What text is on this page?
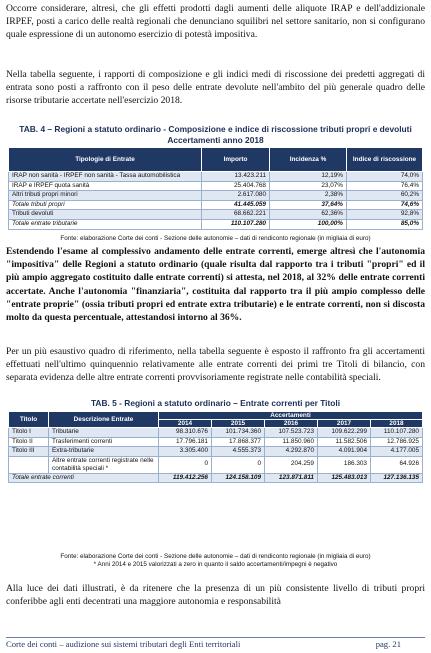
Occorre considerare, altresì, che gli effetti prodotti dagli aumenti delle aliquote IRAP e dell'addizionale IRPEF, posti a carico delle realtà regionali che denunciano squilibri nel settore sanitario, non si configurano quale espressione di un autonomo esercizio di potestà impositiva.

Nella tabella seguente, i rapporti di composizione e gli indici medi di riscossione dei predetti aggregati di entrata sono posti a raffronto con il peso delle entrate devolute nell'ambito del più generale quadro delle risorse tributarie accertate nell'esercizio 2018.

TAB. 4 – Regioni a statuto ordinario - Composizione e indice di riscossione tributi propri e devoluti Accertamenti anno 2018

Tipologie di Entrate	Importo	Incidenza %	Indice di riscossione
IRAP non sanità - IRPEF non sanità - Tassa automobilistica	13.423.211	12,19%	74,0%
IRAP e IRPEF quota sanità	25.404.768	23,07%	76,4%
Altri tributi propri minori	2.617.080	2,38%	60,2%
Totale tributi propri	41.445.059	37,64%	74,6%
Tributi devoluti	68.662.221	62,36%	92,8%
Totale entrate tributarie	110.107.280	100,00%	85,0%

Fonte: elaborazione Corte dei conti - Sezione delle autonomie – dati di rendiconto regionale (in migliaia di euro)

Estendendo l'esame al complessivo andamento delle entrate correnti, emerge altresì che l'autonomia "impositiva" delle Regioni a statuto ordinario (quale risulta dal rapporto tra i tributi "propri" ed il più ampio aggregato costituito dalle entrate correnti) si attesta, nel 2018, al 32% delle entrate correnti accertate. Anche l'autonomia "finanziaria", costituita dal rapporto tra il più ampio complesso delle "entrate proprie" (ossia tributi propri ed entrate extra tributarie) e le entrate correnti, non si discosta molto da questa percentuale, attestandosi intorno al 36%.

Per un più esaustivo quadro di riferimento, nella tabella seguente è esposto il raffronto fra gli accertamenti effettuati nell'ultimo quinquennio relativamente alle entrate correnti dei primi tre Titoli di bilancio, con separata evidenza delle altre entrate correnti provvisoriamente registrate nelle contabilità speciali.

TAB. 5 - Regioni a statuto ordinario – Entrate correnti per Titoli

Titolo	Descrizione Entrate	Accertamenti				
		2014	2015	2016	2017	2018
Titolo I	Tributarie	98.310.676	101.734.360	107.523.723	109.622.299	110.107.280
Titolo II	Trasferimenti correnti	17.796.181	17.868.377	11.850.960	11.582.506	12.786.925
Titolo III	Extra-tributarie	3.305.400	4.555.373	4.292.870	4.091.904	4.177.005
	Altre entrate correnti registrate nelle contabilità speciali *	0	0	204.259	186.303	64.926
Totale entrate correnti		119.412.256	124.158.109	123.871.811	125.483.013	127.136.135

Fonte: elaborazione Corte dei conti - Sezione delle autonomie – dati di rendiconto regionale (in migliaia di euro)

* Anni 2014 e 2015 valorizzati a zero in quanto il saldo accertamenti/impegni è negativo

Alla luce dei dati illustrati, è da ritenere che la presenza di un più consistente livello di tributi propri conferibbe agli enti decentrati una maggiore autonomia e responsabilità

Corte dei conti – audizione sui sistemi tributari degli Enti territoriali	pag. 21
